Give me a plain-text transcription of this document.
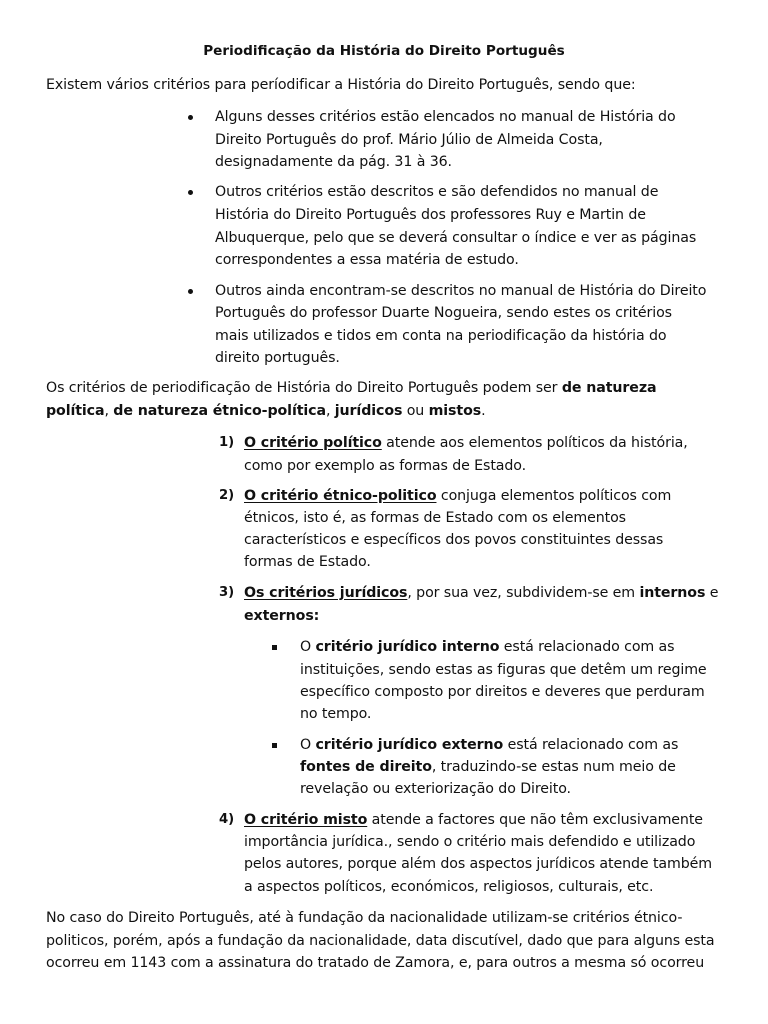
Periodificação da História do Direito Português
Existem vários critérios para períodificar a História do Direito Português, sendo que:
Alguns desses critérios estão elencados no manual de História do
Direito Português do prof. Mário Júlio de Almeida Costa,
designadamente da pág. 31 à 36.
Outros critérios estão descritos e são defendidos no manual de
História do Direito Português dos professores Ruy e Martin de
Albuquerque, pelo que se deverá consultar o índice e ver as páginas
correspondentes a essa matéria de estudo.
Outros ainda encontram-se descritos no manual de História do Direito
Português do professor Duarte Nogueira, sendo estes os critérios
mais utilizados e tidos em conta na periodificação da história do
direito português.
Os critérios de periodificação de História do Direito Português podem ser de natureza
política, de natureza étnico-política, jurídicos ou mistos.
1) O critério político atende aos elementos políticos da história,
como por exemplo as formas de Estado.
2) O critério étnico-politico conjuga elementos políticos com
étnicos, isto é, as formas de Estado com os elementos
característicos e específicos dos povos constituintes dessas
formas de Estado.
3) Os critérios jurídicos, por sua vez, subdividem-se em internos e
externos:
O critério jurídico interno está relacionado com as
instituições, sendo estas as figuras que detêm um regime
específico composto por direitos e deveres que perduram
no tempo.
O critério jurídico externo está relacionado com as
fontes de direito, traduzindo-se estas num meio de
revelação ou exteriorização do Direito.
4) O critério misto atende a factores que não têm exclusivamente
importância jurídica., sendo o critério mais defendido e utilizado
pelos autores, porque além dos aspectos jurídicos atende também
a aspectos políticos, económicos, religiosos, culturais, etc.
No caso do Direito Português, até à fundação da nacionalidade utilizam-se critérios étnico-
politicos, porém, após a fundação da nacionalidade, data discutível, dado que para alguns esta
ocorreu em 1143 com a assinatura do tratado de Zamora, e, para outros a mesma só ocorreu
